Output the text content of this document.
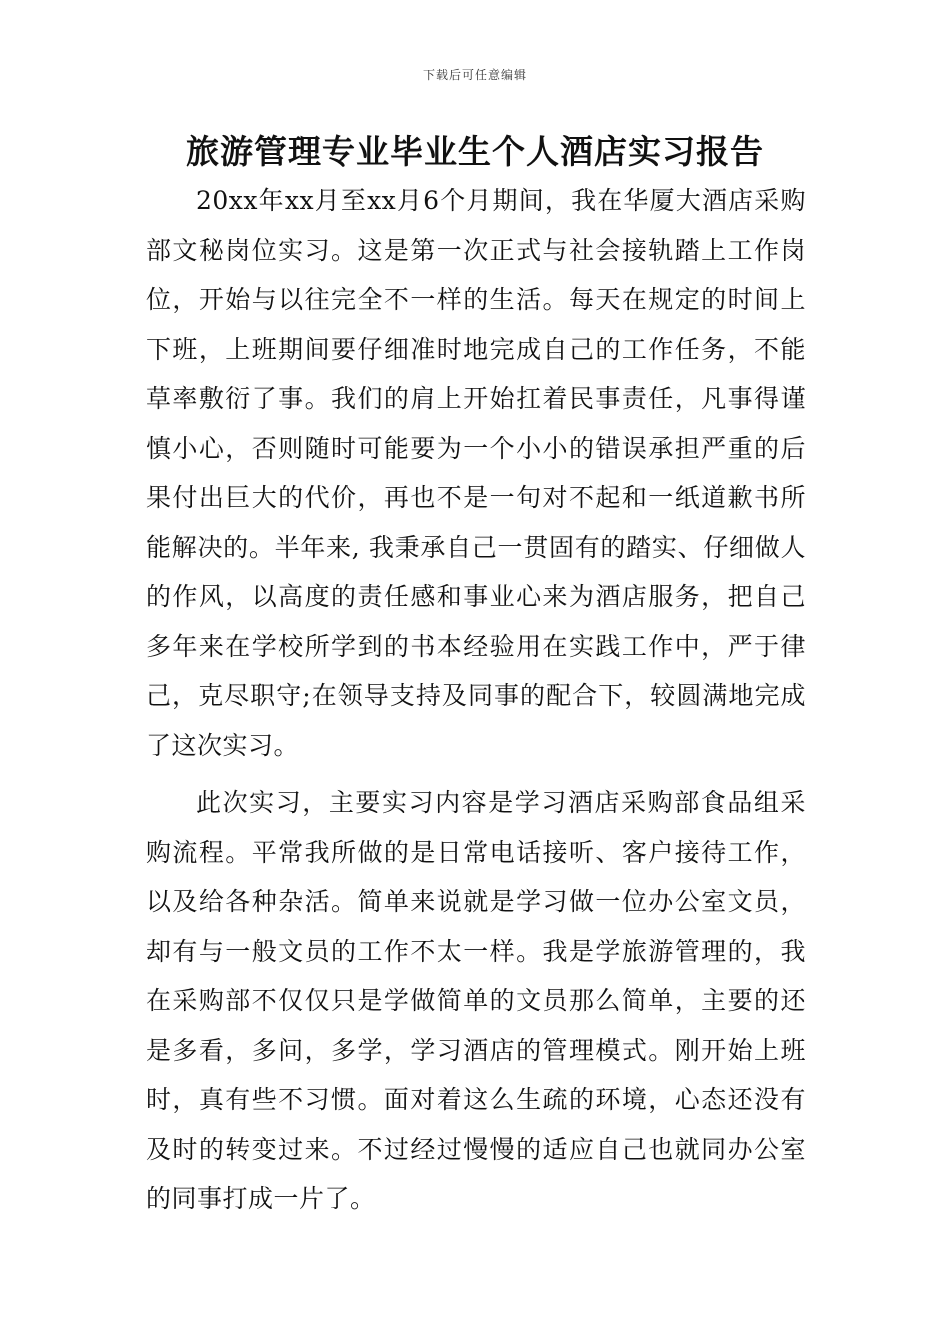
下载后可任意编辑
旅游管理专业毕业生个人酒店实习报告

20xx年xx月至xx月6个月期间，我在华厦大酒店采购部文秘岗位实习。这是第一次正式与社会接轨踏上工作岗位，开始与以往完全不一样的生活。每天在规定的时间上下班，上班期间要仔细准时地完成自己的工作任务，不能草率敷衍了事。我们的肩上开始扛着民事责任，凡事得谨慎小心，否则随时可能要为一个小小的错误承担严重的后果付出巨大的代价，再也不是一句对不起和一纸道歉书所能解决的。半年来, 我秉承自己一贯固有的踏实、仔细做人的作风，以高度的责任感和事业心来为酒店服务，把自己多年来在学校所学到的书本经验用在实践工作中，严于律己，克尽职守;在领导支持及同事的配合下，较圆满地完成了这次实习。

此次实习，主要实习内容是学习酒店采购部食品组采购流程。平常我所做的是日常电话接听、客户接待工作，以及给各种杂活。简单来说就是学习做一位办公室文员，却有与一般文员的工作不太一样。我是学旅游管理的，我在采购部不仅仅只是学做简单的文员那么简单，主要的还是多看，多问，多学，学习酒店的管理模式。刚开始上班时，真有些不习惯。面对着这么生疏的环境，心态还没有及时的转变过来。不过经过慢慢的适应自己也就同办公室的同事打成一片了。
